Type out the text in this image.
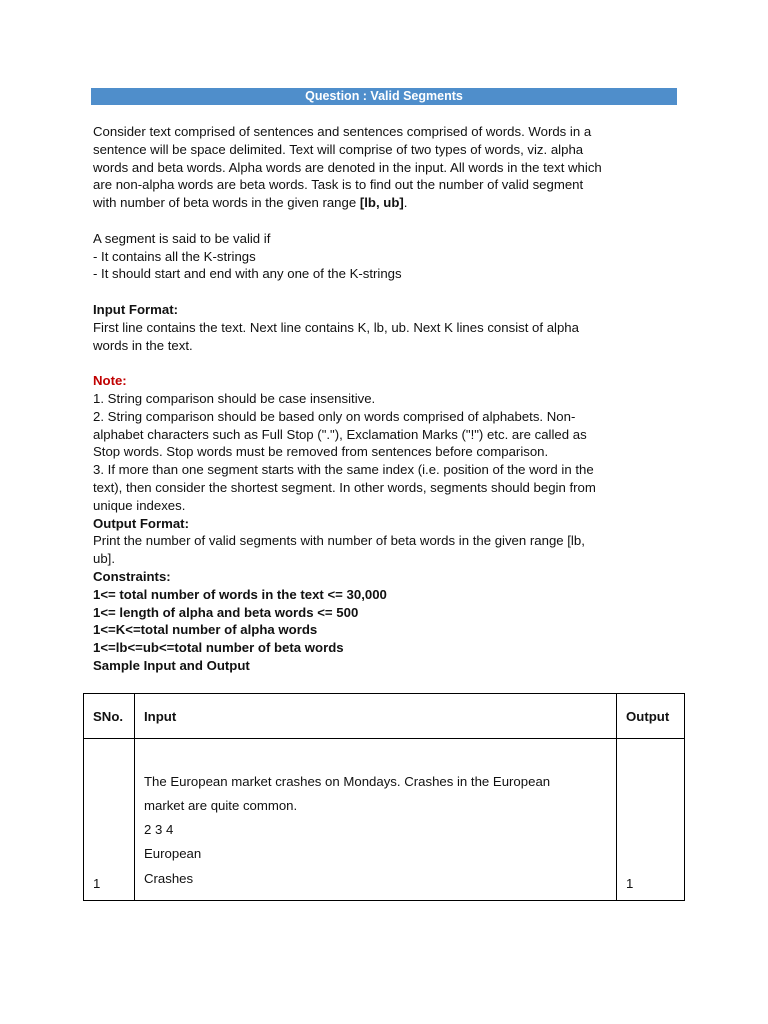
Question : Valid Segments

Consider text comprised of sentences and sentences comprised of words. Words in a

sentence will be space delimited. Text will comprise of two types of words, viz. alpha

words and beta words. Alpha words are denoted in the input. All words in the text which

are non-alpha words are beta words. Task is to find out the number of valid segment

with number of beta words in the given range [lb, ub].

A segment is said to be valid if

- It contains all the K-strings

- It should start and end with any one of the K-strings

Input Format:

First line contains the text. Next line contains K, lb, ub. Next K lines consist of alpha

words in the text.

Note:

1. String comparison should be case insensitive.

2. String comparison should be based only on words comprised of alphabets. Non-

alphabet characters such as Full Stop ("."), Exclamation Marks ("!") etc. are called as

Stop words. Stop words must be removed from sentences before comparison.

3. If more than one segment starts with the same index (i.e. position of the word in the

text), then consider the shortest segment. In other words, segments should begin from

unique indexes.

Output Format:

Print the number of valid segments with number of beta words in the given range [lb,

ub].

Constraints:

1<= total number of words in the text <= 30,000

1<= length of alpha and beta words <= 500

1<=K<=total number of alpha words

1<=lb<=ub<=total number of beta words

Sample Input and Output

SNo.	Input	Output
1	The European market crashes on Mondays. Crashes in the European
market are quite common.
2 3 4
European
Crashes	1
